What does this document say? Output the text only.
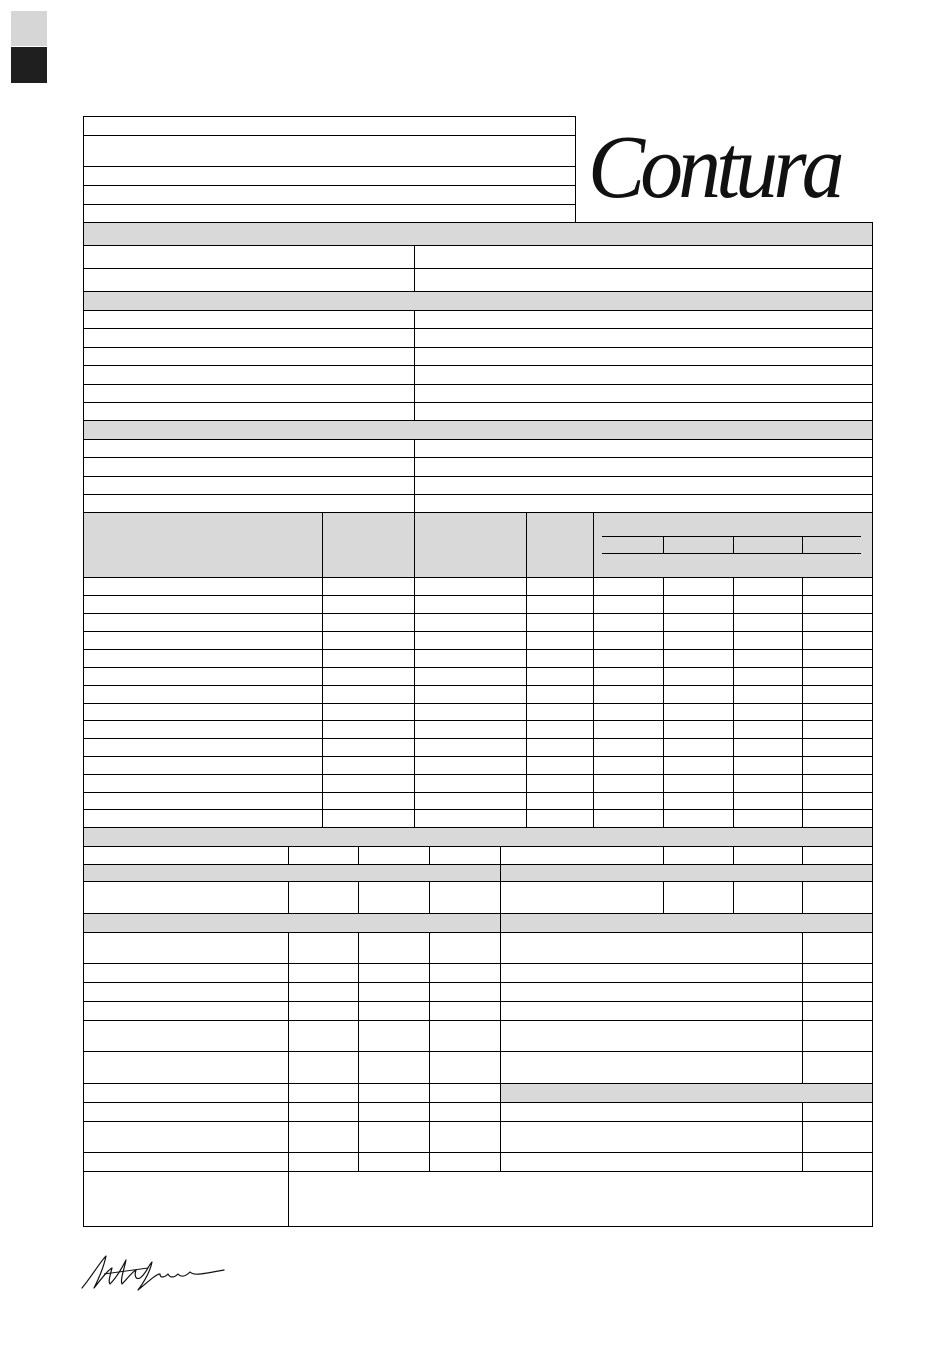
Contura
